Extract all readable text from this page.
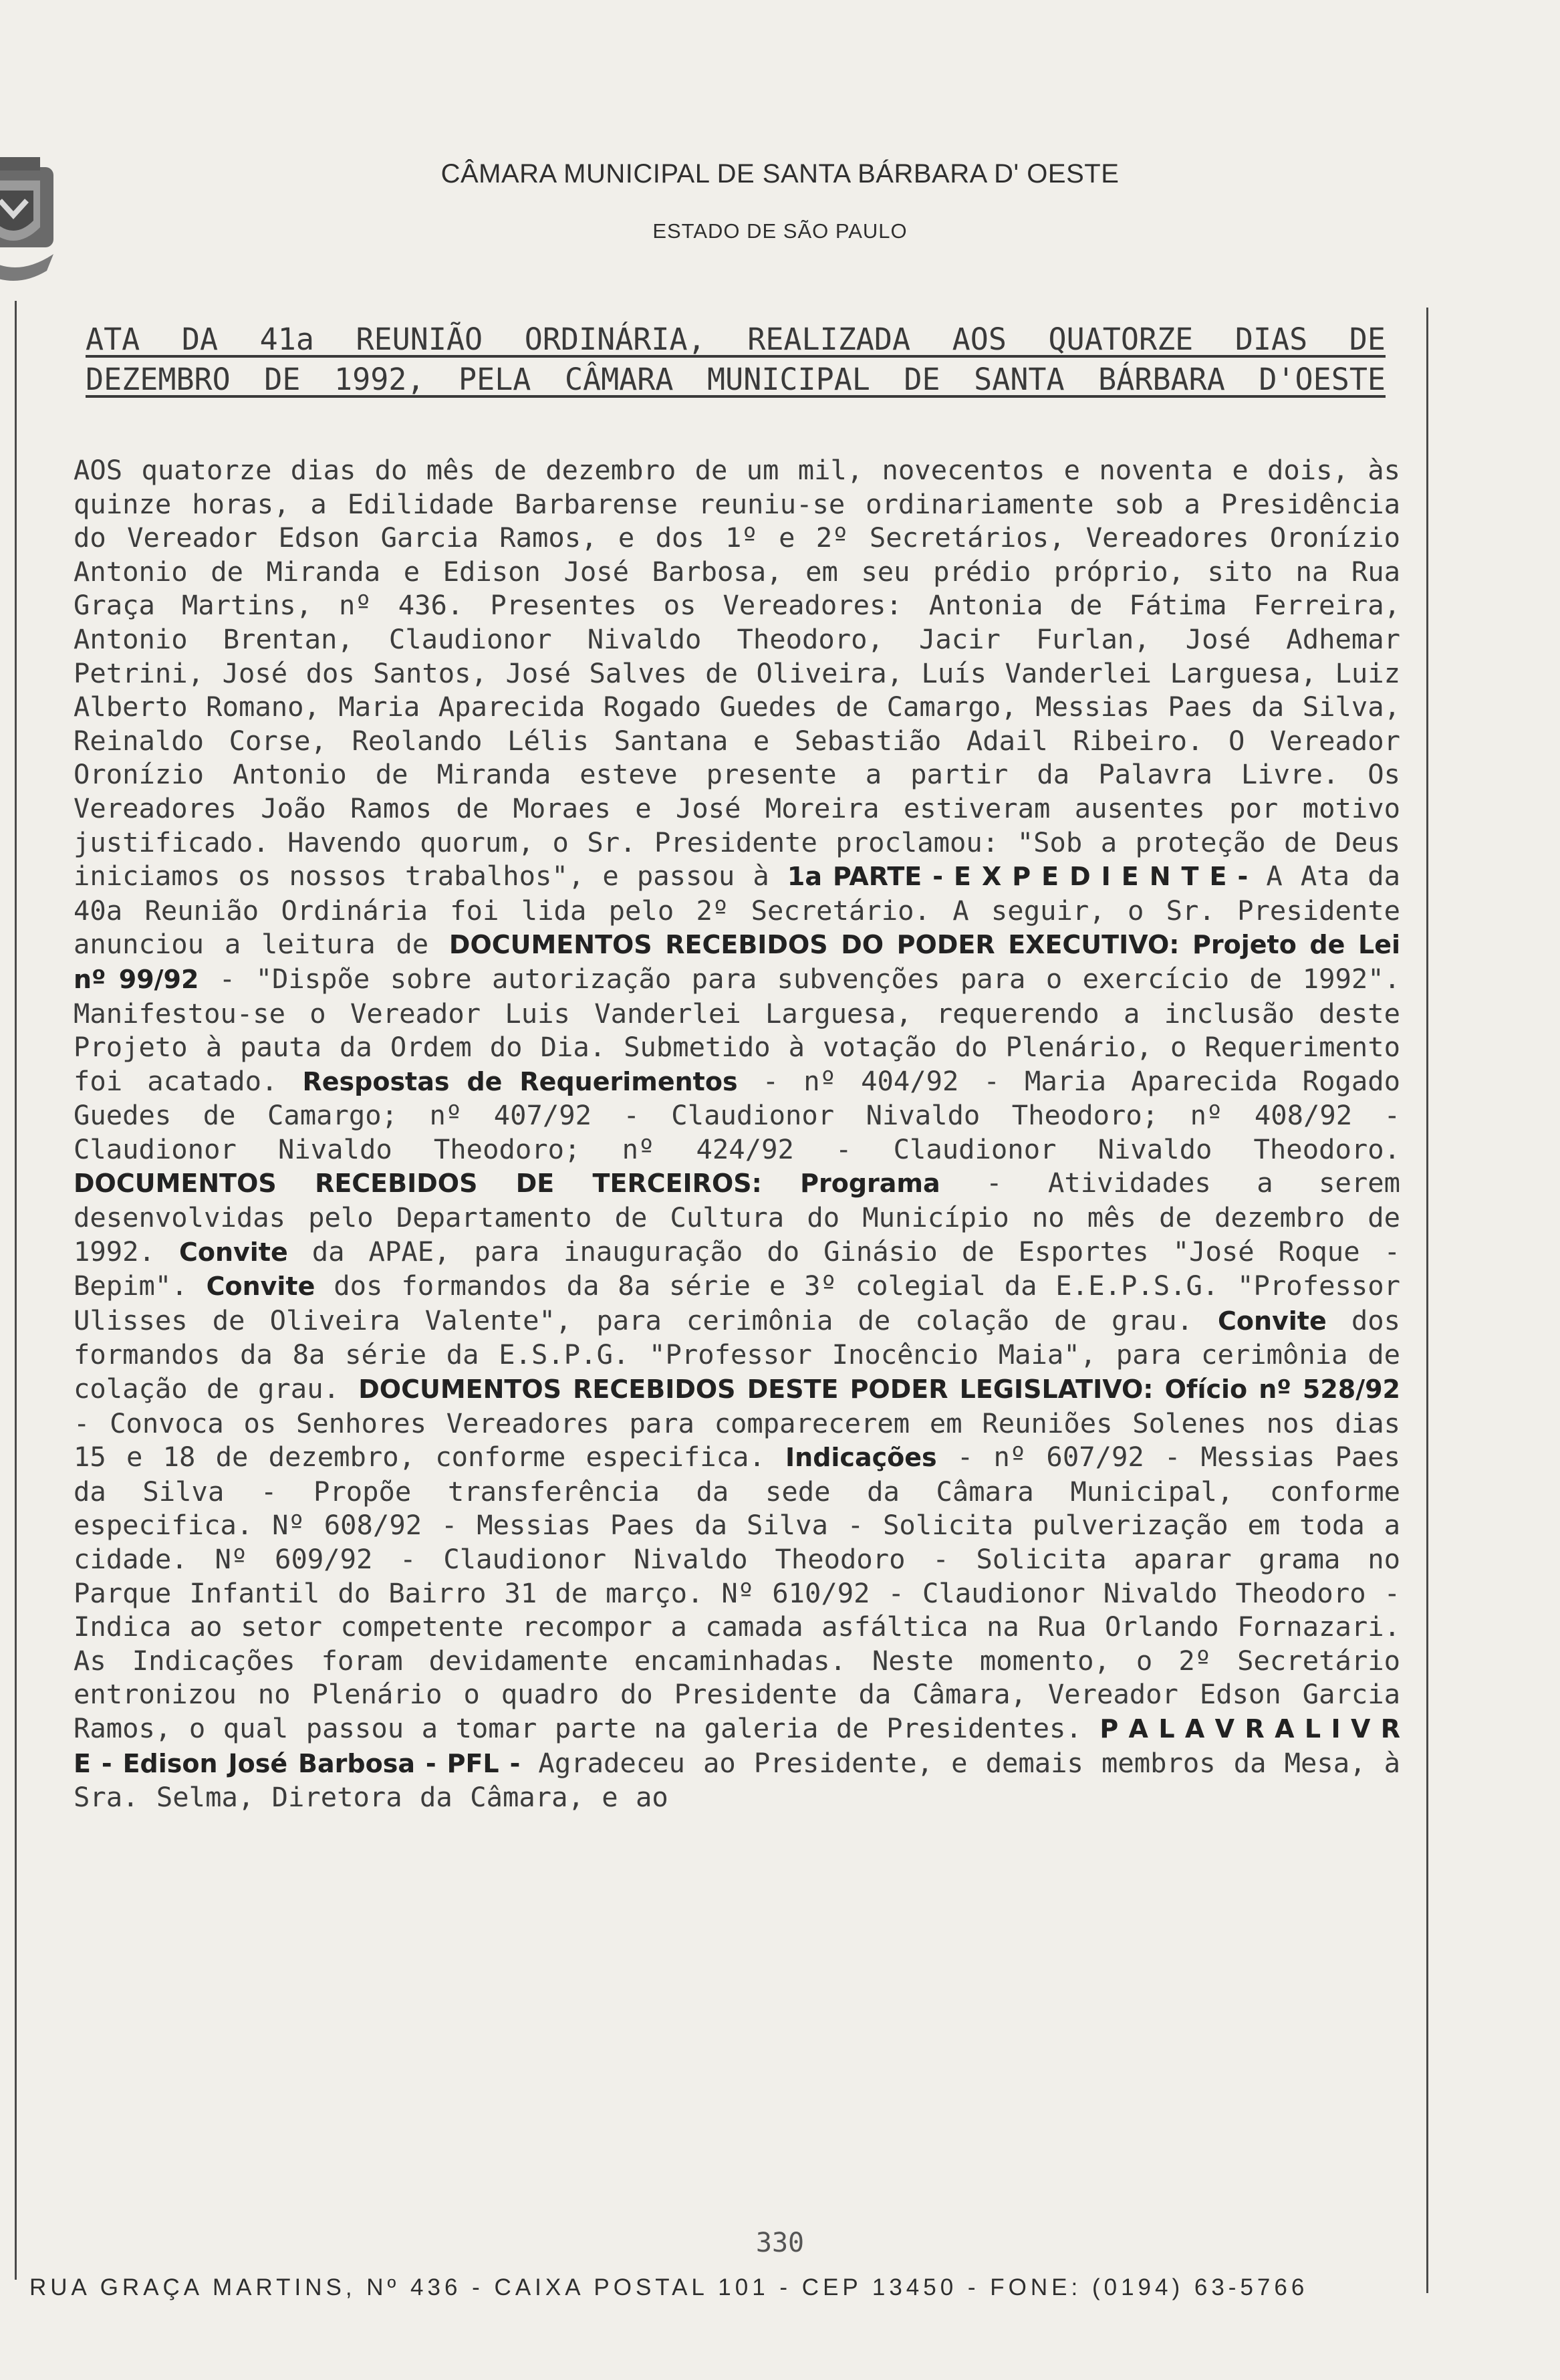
CÂMARA MUNICIPAL DE SANTA BÁRBARA D' OESTE
ESTADO DE SÃO PAULO
ATA DA 41a REUNIÃO ORDINÁRIA, REALIZADA AOS QUATORZE DIAS DE
DEZEMBRO DE 1992, PELA CÂMARA MUNICIPAL DE SANTA BÁRBARA D'OESTE

AOS quatorze dias do mês de dezembro de um mil, novecentos e noventa e dois, às quinze horas, a Edilidade Barbarense reuniu-se ordinariamente sob a Presidência do Vereador Edson Garcia Ramos, e dos 1º e 2º Secretários, Vereadores Oronízio Antonio de Miranda e Edison José Barbosa, em seu prédio próprio, sito na Rua Graça Martins, nº 436. Presentes os Vereadores: Antonia de Fátima Ferreira, Antonio Brentan, Claudionor Nivaldo Theodoro, Jacir Furlan, José Adhemar Petrini, José dos Santos, José Salves de Oliveira, Luís Vanderlei Larguesa, Luiz Alberto Romano, Maria Aparecida Rogado Guedes de Camargo, Messias Paes da Silva, Reinaldo Corse, Reolando Lélis Santana e Sebastião Adail Ribeiro. O Vereador Oronízio Antonio de Miranda esteve presente a partir da Palavra Livre. Os Vereadores João Ramos de Moraes e José Moreira estiveram ausentes por motivo justificado. Havendo quorum, o Sr. Presidente proclamou: "Sob a proteção de Deus iniciamos os nossos trabalhos", e passou à 1a PARTE - E X P E D I E N T E - A Ata da 40a Reunião Ordinária foi lida pelo 2º Secretário. A seguir, o Sr. Presidente anunciou a leitura de DOCUMENTOS RECEBIDOS DO PODER EXECUTIVO: Projeto de Lei nº 99/92 - "Dispõe sobre autorização para subvenções para o exercício de 1992". Manifestou-se o Vereador Luis Vanderlei Larguesa, requerendo a inclusão deste Projeto à pauta da Ordem do Dia. Submetido à votação do Plenário, o Requerimento foi acatado. Respostas de Requerimentos - nº 404/92 - Maria Aparecida Rogado Guedes de Camargo; nº 407/92 - Claudionor Nivaldo Theodoro; nº 408/92 - Claudionor Nivaldo Theodoro; nº 424/92 - Claudionor Nivaldo Theodoro. DOCUMENTOS RECEBIDOS DE TERCEIROS: Programa - Atividades a serem desenvolvidas pelo Departamento de Cultura do Município no mês de dezembro de 1992. Convite da APAE, para inauguração do Ginásio de Esportes "José Roque - Bepim". Convite dos formandos da 8a série e 3º colegial da E.E.P.S.G. "Professor Ulisses de Oliveira Valente", para cerimônia de colação de grau. Convite dos formandos da 8a série da E.S.P.G. "Professor Inocêncio Maia", para cerimônia de colação de grau. DOCUMENTOS RECEBIDOS DESTE PODER LEGISLATIVO: Ofício nº 528/92 - Convoca os Senhores Vereadores para comparecerem em Reuniões Solenes nos dias 15 e 18 de dezembro, conforme especifica. Indicações - nº 607/92 - Messias Paes da Silva - Propõe transferência da sede da Câmara Municipal, conforme especifica. Nº 608/92 - Messias Paes da Silva - Solicita pulverização em toda a cidade. Nº 609/92 - Claudionor Nivaldo Theodoro - Solicita aparar grama no Parque Infantil do Bairro 31 de março. Nº 610/92 - Claudionor Nivaldo Theodoro - Indica ao setor competente recompor a camada asfáltica na Rua Orlando Fornazari. As Indicações foram devidamente encaminhadas. Neste momento, o 2º Secretário entronizou no Plenário o quadro do Presidente da Câmara, Vereador Edson Garcia Ramos, o qual passou a tomar parte na galeria de Presidentes. P A L A V R A L I V R E - Edison José Barbosa - PFL - Agradeceu ao Presidente, e demais membros da Mesa, à Sra. Selma, Diretora da Câmara, e ao

330
RUA GRAÇA MARTINS, Nº 436 - CAIXA POSTAL 101 - CEP 13450 - FONE: (0194) 63-5766
